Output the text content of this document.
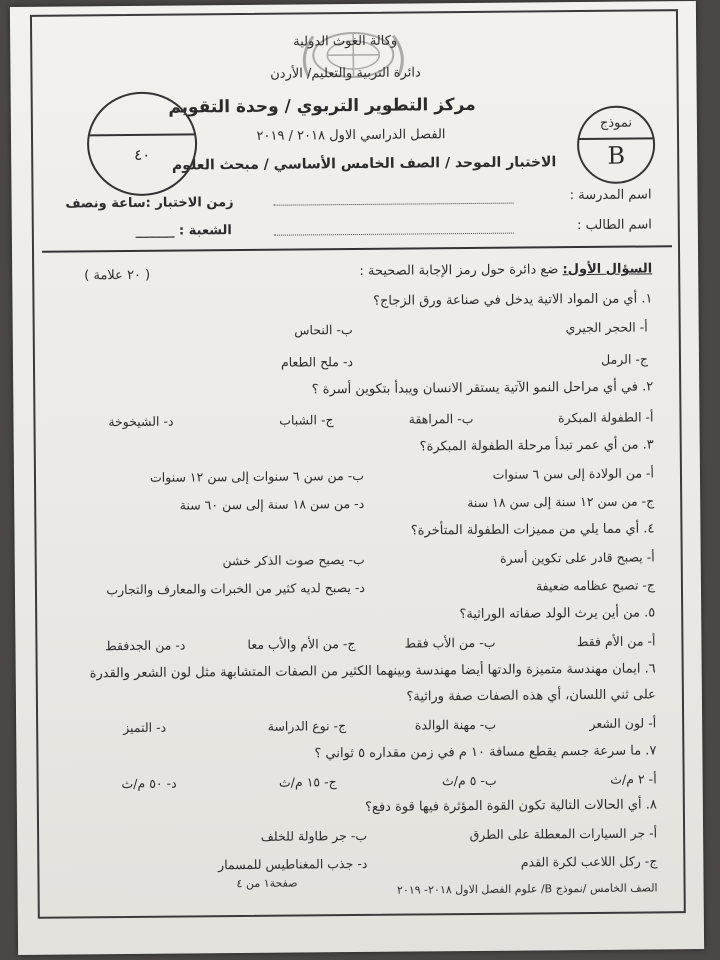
وكالة الغوث الدولية
دائرة التربية والتعليم/ الأردن
مركز التطوير التربوي / وحدة التقويم
الفصل الدراسي الاول ٢٠١٨ / ٢٠١٩
الاختبار الموحد / الصف الخامس الأساسي / مبحث العلوم
٤٠
نموذج
B
اسم المدرسة :
زمن الاختبار :ساعة ونصف
اسم الطالب :
الشعبة : ______
السؤال الأول: ضع دائرة حول رمز الإجابة الصحيحة :
( ٢٠ علامة )
١. أي من المواد الاتية يدخل في صناعة ورق الزجاج؟
أ- الحجر الجيري
ب- النحاس
ج- الرمل
د- ملح الطعام
٢. في أي مراحل النمو الآتية يستقر الانسان ويبدأ بتكوين أسرة ؟
أ- الطفولة المبكرة
ب- المراهقة
ج- الشباب
د- الشيخوخة
٣. من أي عمر تبدأ مرحلة الطفولة المبكرة؟
أ- من الولادة إلى سن ٦ سنوات
ب- من سن ٦ سنوات إلى سن ١٢ سنوات
ج- من سن ١٢ سنة إلى سن ١٨ سنة
د- من سن ١٨ سنة إلى سن ٦٠ سنة
٤. أي مما يلي من مميزات الطفولة المتأخرة؟
أ- يصبح قادر على تكوين أسرة
ب- يصبح صوت الذكر خشن
ج- تصبح عظامه ضعيفة
د- يصبح لديه كثير من الخبرات والمعارف والتجارب
٥. من أين يرث الولد صفاته الوراثية؟
أ- من الأم فقط
ب- من الأب فقط
ج- من الأم والأب معا
د- من الجدفقط
٦. ايمان مهندسة متميزة والدتها أيضا مهندسة وبينهما الكثير من الصفات المتشابهة مثل لون الشعر والقدرة
على ثني اللسان، أي هذه الصفات صفة وراثية؟
أ- لون الشعر
ب- مهنة الوالدة
ج- نوع الدراسة
د- التميز
٧. ما سرعة جسم يقطع مسافة ١٠ م في زمن مقداره ٥ ثواني ؟
أ- ٢ م/ث
ب- ٥ م/ث
ج- ١٥ م/ث
د- ٥٠ م/ث
٨. أي الحالات التالية تكون القوة المؤثرة فيها قوة دفع؟
أ- جر السيارات المعطلة على الطرق
ب- جر طاولة للخلف
ج- ركل اللاعب لكرة القدم
د- جذب المغناطيس للمسمار
الصف الخامس /نموذج B/ علوم الفصل الاول ٢٠١٨- ٢٠١٩
صفحة١ من ٤
